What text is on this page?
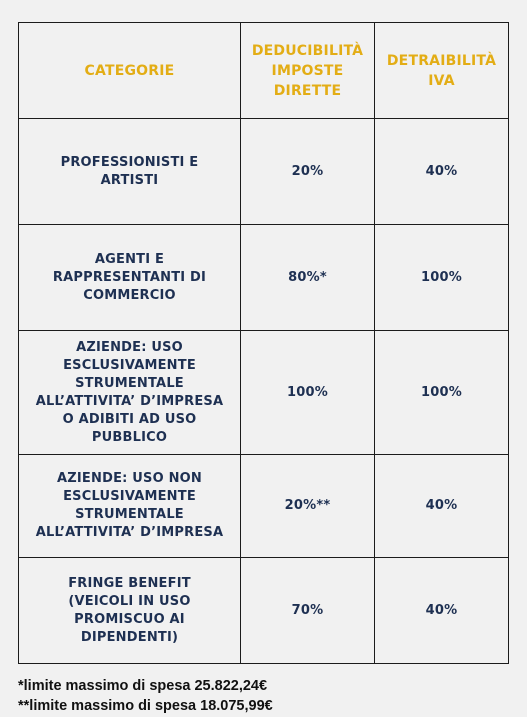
CATEGORIE	DEDUCIBILITÀ IMPOSTE DIRETTE	DETRAIBILITÀ IVA
PROFESSIONISTI E ARTISTI	20%	40%
AGENTI E RAPPRESENTANTI DI COMMERCIO	80%*	100%
AZIENDE: USO ESCLUSIVAMENTE STRUMENTALE ALL’ATTIVITA’ D’IMPRESA O ADIBITI AD USO PUBBLICO	100%	100%
AZIENDE: USO NON ESCLUSIVAMENTE STRUMENTALE ALL’ATTIVITA’ D’IMPRESA	20%**	40%
FRINGE BENEFIT (VEICOLI IN USO PROMISCUO AI DIPENDENTI)	70%	40%
*limite massimo di spesa 25.822,24€
**limite massimo di spesa 18.075,99€
